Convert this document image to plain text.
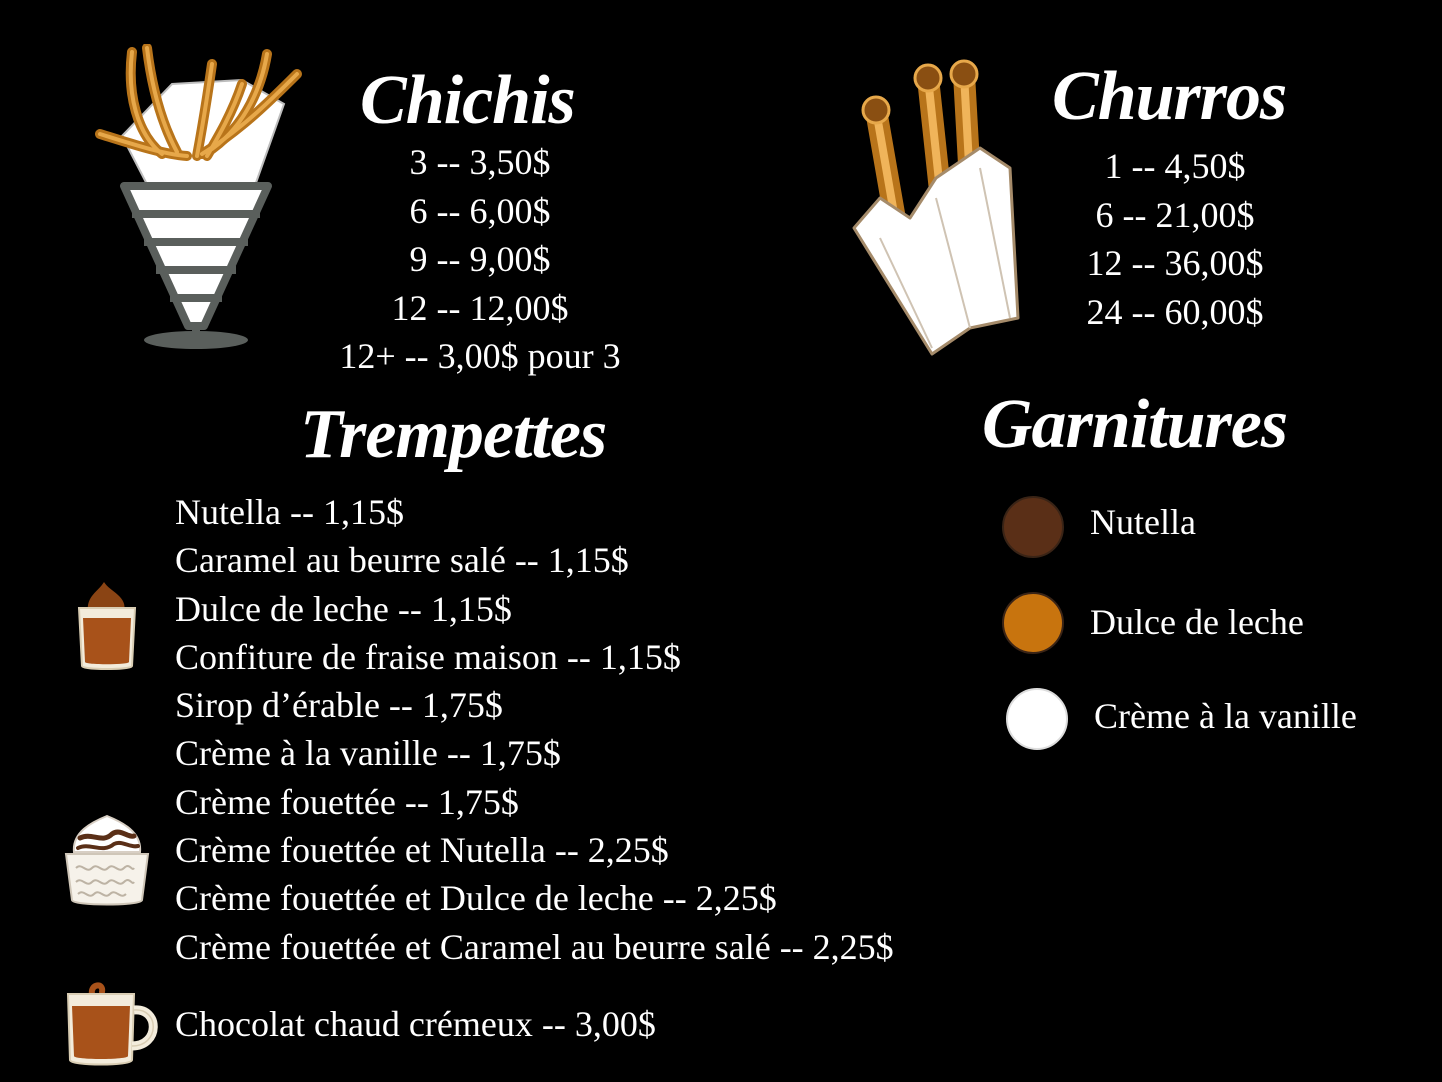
Chichis	Churros
Trempettes	Garnitures
3 -- 3,50$
6 -- 6,00$
9 -- 9,00$
12 -- 12,00$
12+ -- 3,00$ pour 3
1 -- 4,50$
6 -- 21,00$
12 -- 36,00$
24 -- 60,00$
Nutella -- 1,15$
Caramel au beurre salé -- 1,15$
Dulce de leche -- 1,15$
Confiture de fraise maison -- 1,15$
Sirop d’érable -- 1,75$
Crème à la vanille -- 1,75$
Crème fouettée -- 1,75$
Crème fouettée et Nutella -- 2,25$
Crème fouettée et Dulce de leche -- 2,25$
Crème fouettée et Caramel au beurre salé -- 2,25$
Chocolat chaud crémeux -- 3,00$
Nutella
Dulce de leche
Crème à la vanille
